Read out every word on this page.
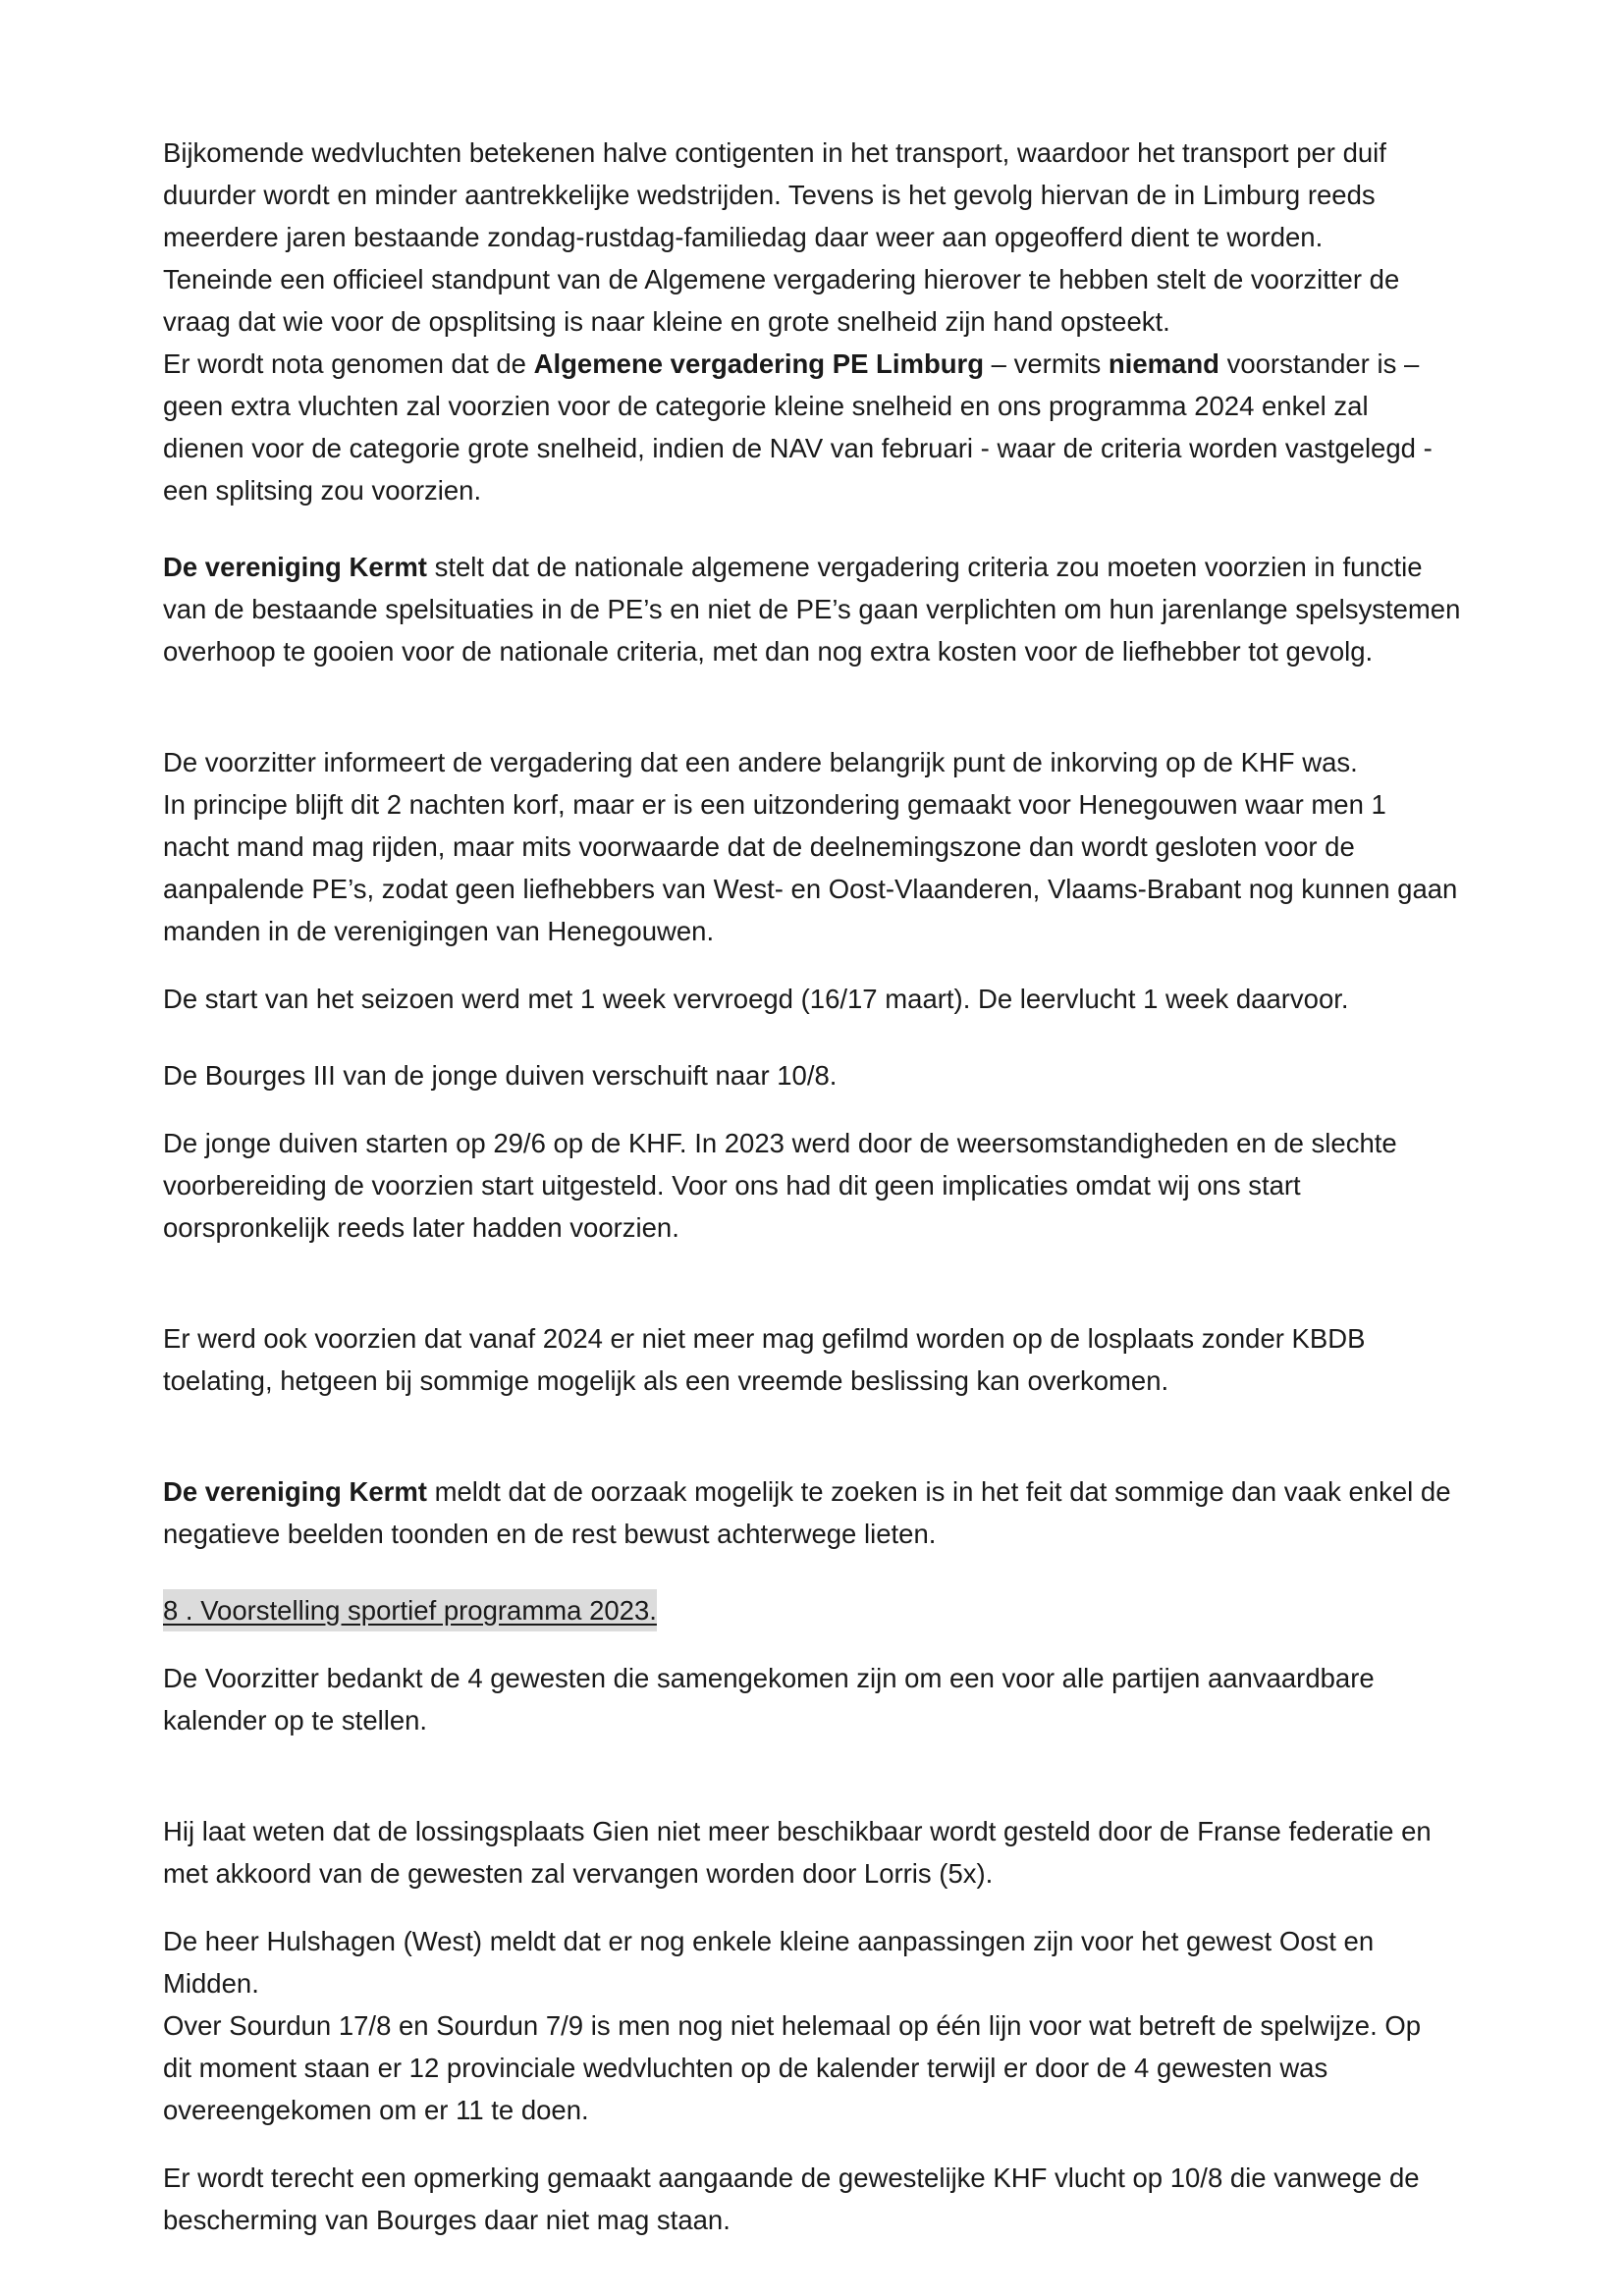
Bijkomende wedvluchten betekenen halve contigenten in het transport, waardoor het transport per duif
duurder wordt en minder aantrekkelijke wedstrijden. Tevens is het gevolg hiervan de in Limburg reeds
meerdere jaren bestaande zondag-rustdag-familiedag daar weer aan opgeofferd dient te worden.
Teneinde een officieel standpunt van de Algemene vergadering hierover te hebben stelt de voorzitter de
vraag dat wie voor de opsplitsing is naar kleine en grote snelheid zijn hand opsteekt.
Er wordt nota genomen dat de Algemene vergadering PE Limburg – vermits niemand voorstander is –
geen extra vluchten zal voorzien voor de categorie kleine snelheid en ons programma 2024 enkel zal
dienen voor de categorie grote snelheid, indien de NAV van februari - waar de criteria worden vastgelegd -
een splitsing zou voorzien.

De vereniging Kermt stelt dat de nationale algemene vergadering criteria zou moeten voorzien in functie
van de bestaande spelsituaties in de PE’s en niet de PE’s gaan verplichten om hun jarenlange spelsystemen
overhoop te gooien voor de nationale criteria, met dan nog extra kosten voor de liefhebber tot gevolg.

De voorzitter informeert de vergadering dat een andere belangrijk punt de inkorving op de KHF was.
In principe blijft dit 2 nachten korf, maar er is een uitzondering gemaakt voor Henegouwen waar men 1
nacht mand mag rijden, maar mits voorwaarde dat de deelnemingszone dan wordt gesloten voor de
aanpalende PE’s, zodat geen liefhebbers van West- en Oost-Vlaanderen, Vlaams-Brabant nog kunnen gaan
manden in de verenigingen van Henegouwen.

De start van het seizoen werd met 1 week vervroegd (16/17 maart). De leervlucht 1 week daarvoor.

De Bourges III van de jonge duiven verschuift naar 10/8.

De jonge duiven starten op 29/6 op de KHF. In 2023 werd door de weersomstandigheden en de slechte
voorbereiding de voorzien start uitgesteld. Voor ons had dit geen implicaties omdat wij ons start
oorspronkelijk reeds later hadden voorzien.

Er werd ook voorzien dat vanaf 2024 er niet meer mag gefilmd worden op de losplaats zonder KBDB
toelating, hetgeen bij sommige mogelijk als een vreemde beslissing kan overkomen.

De vereniging Kermt meldt dat de oorzaak mogelijk te zoeken is in het feit dat sommige dan vaak enkel de
negatieve beelden toonden en de rest bewust achterwege lieten.

8 . Voorstelling sportief programma 2023.

De Voorzitter bedankt de 4 gewesten die samengekomen zijn om een voor alle partijen aanvaardbare
kalender op te stellen.

Hij laat weten dat de lossingsplaats Gien niet meer beschikbaar wordt gesteld door de Franse federatie en
met akkoord van de gewesten zal vervangen worden door Lorris (5x).

De heer Hulshagen (West) meldt dat er nog enkele kleine aanpassingen zijn voor het gewest Oost en
Midden.
Over Sourdun 17/8 en Sourdun 7/9 is men nog niet helemaal op één lijn voor wat betreft de spelwijze. Op
dit moment staan er 12 provinciale wedvluchten op de kalender terwijl er door de 4 gewesten was
overeengekomen om er 11 te doen.

Er wordt terecht een opmerking gemaakt aangaande de gewestelijke KHF vlucht op 10/8 die vanwege de
bescherming van Bourges daar niet mag staan.
